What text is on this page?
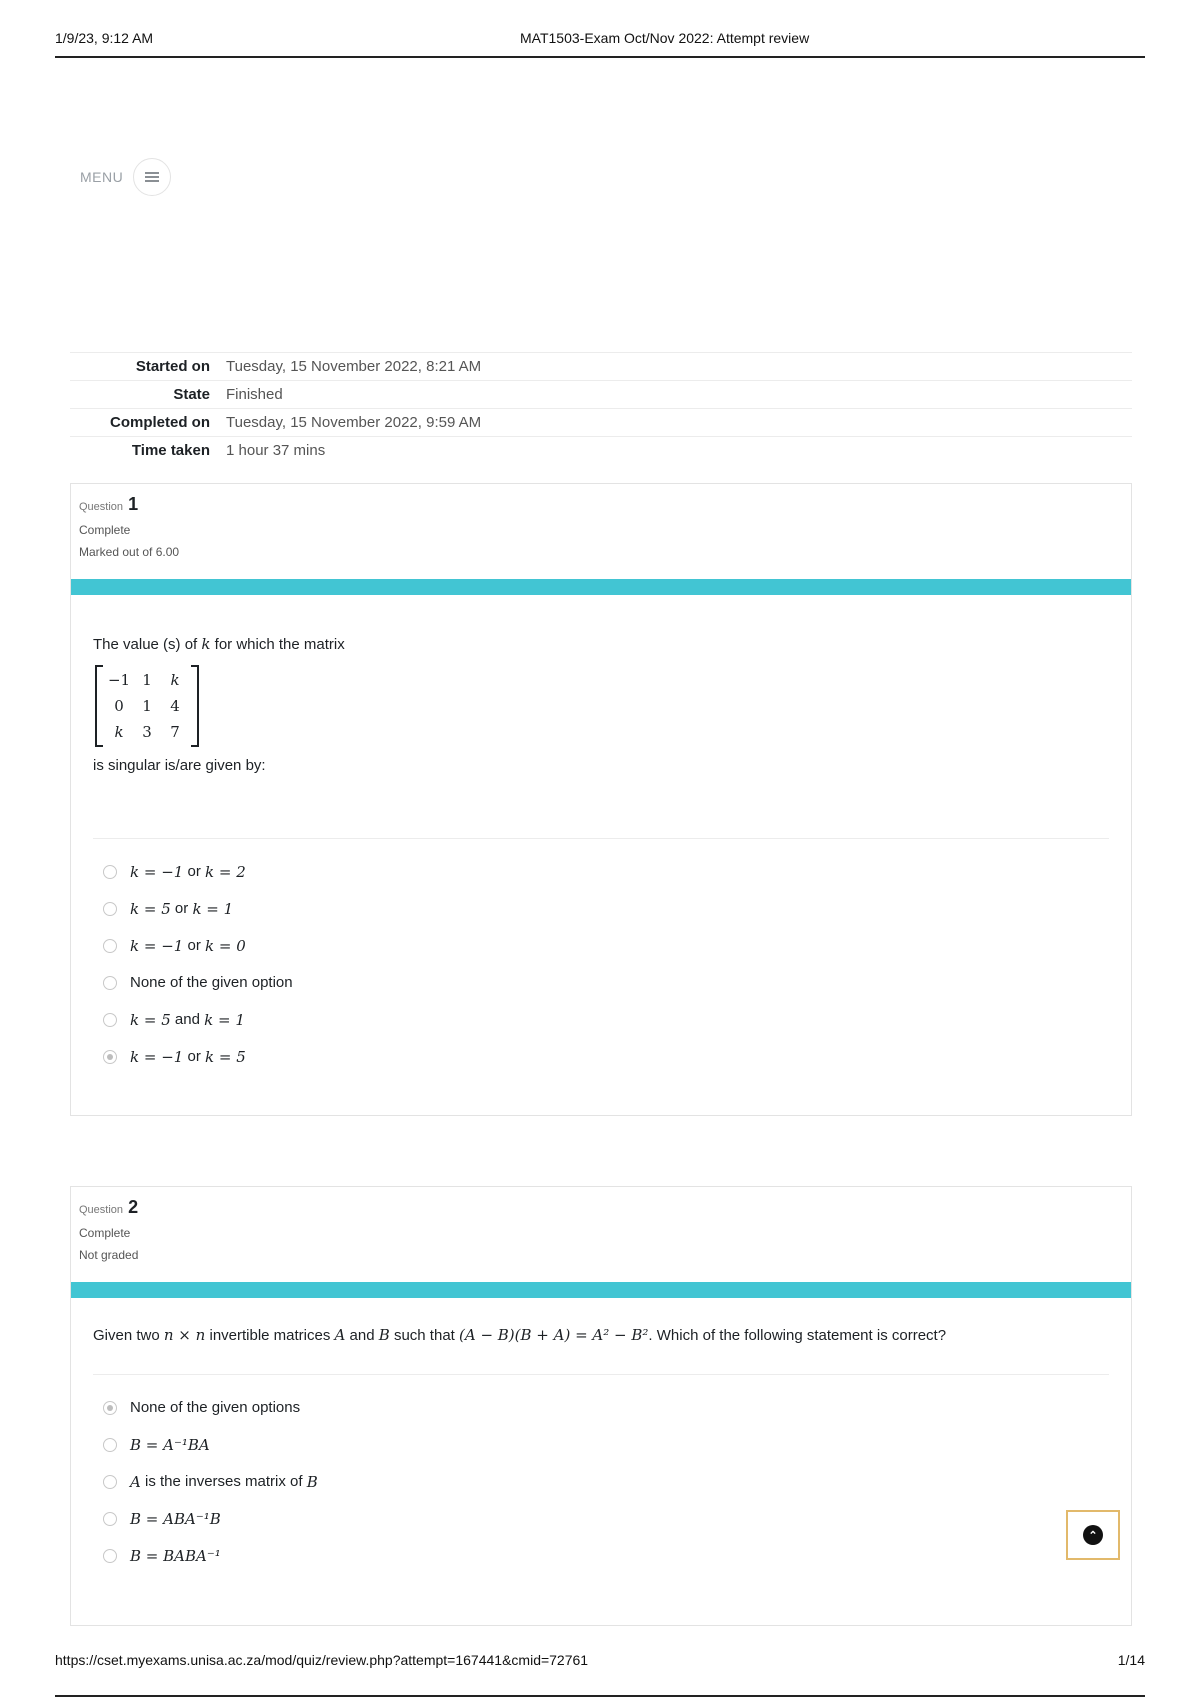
1/9/23, 9:12 AM	MAT1503-Exam Oct/Nov 2022: Attempt review
MENU
Started on	Tuesday, 15 November 2022, 8:21 AM
State	Finished
Completed on	Tuesday, 15 November 2022, 9:59 AM
Time taken	1 hour 37 mins
Question 1
Complete
Marked out of 6.00
The value (s) of k for which the matrix
−1	1	k
0	1	4
k	3	7
is singular is/are given by:
k = −1
or
k = 2
k = 5
or
k = 1
k = −1
or
k = 0
None of the given option
k = 5
and
k = 1
k = −1
or
k = 5
Question 2
Complete
Not graded
Given two n × n invertible matrices A and B such that (A − B)(B + A) = A² − B². Which of the following statement is correct?
None of the given options
B = A⁻¹BA
A
is the inverses matrix of
B
B = ABA⁻¹B
B = BABA⁻¹
⌃
https://cset.myexams.unisa.ac.za/mod/quiz/review.php?attempt=167441&cmid=72761	1/14
